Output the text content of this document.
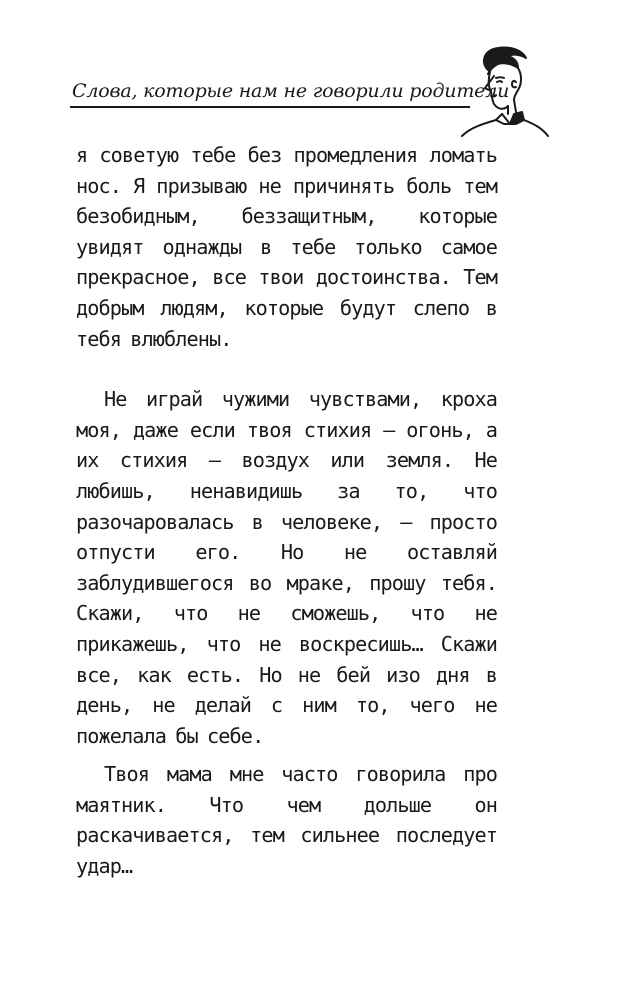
Слова, которые нам не говорили родители

я советую тебе без промедления ломать нос. Я призываю не причинять боль тем безобидным, беззащитным, которые увидят однажды в тебе только самое прекрасное, все твои достоинства. Тем добрым людям, которые будут слепо в тебя влюблены.

Не играй чужими чувствами, кроха моя, даже если твоя стихия — огонь, а их стихия — воздух или земля. Не любишь, ненавидишь за то, что разочаровалась в человеке, — просто отпусти его. Но не оставляй заблудившегося во мраке, прошу тебя. Скажи, что не сможешь, что не прикажешь, что не воскресишь… Скажи все, как есть. Но не бей изо дня в день, не делай с ним то, чего не пожелала бы себе.

Твоя мама мне часто говорила про маятник. Что чем дольше он раскачивается, тем сильнее последует удар…
